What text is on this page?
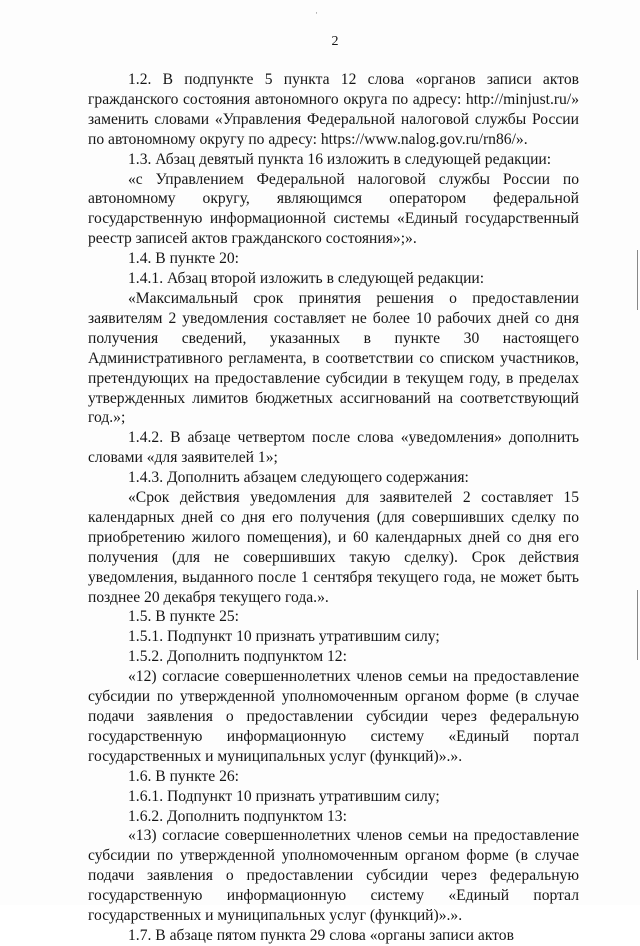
·
2

1.2. В подпункте 5 пункта 12 слова «органов записи актов гражданского состояния автономного округа по адресу: http://minjust.ru/» заменить словами «Управления Федеральной налоговой службы России по автономному округу по адресу: https://www.nalog.gov.ru/rn86/».

1.3. Абзац девятый пункта 16 изложить в следующей редакции:

«с Управлением Федеральной налоговой службы России по автономному округу, являющимся оператором федеральной государственную информационной системы «Единый государственный реестр записей актов гражданского состояния»;».

1.4. В пункте 20:

1.4.1. Абзац второй изложить в следующей редакции:

«Максимальный срок принятия решения о предоставлении заявителям 2 уведомления составляет не более 10 рабочих дней со дня получения сведений, указанных в пункте 30 настоящего Административного регламента, в соответствии со списком участников, претендующих на предоставление субсидии в текущем году, в пределах утвержденных лимитов бюджетных ассигнований на соответствующий год.»;

1.4.2. В абзаце четвертом после слова «уведомления» дополнить словами «для заявителей 1»;

1.4.3. Дополнить абзацем следующего содержания:

«Срок действия уведомления для заявителей 2 составляет 15 календарных дней со дня его получения (для совершивших сделку по приобретению жилого помещения), и 60 календарных дней со дня его получения (для не совершивших такую сделку). Срок действия уведомления, выданного после 1 сентября текущего года, не может быть позднее 20 декабря текущего года.».

1.5. В пункте 25:

1.5.1. Подпункт 10 признать утратившим силу;

1.5.2. Дополнить подпунктом 12:

«12) согласие совершеннолетних членов семьи на предоставление субсидии по утвержденной уполномоченным органом форме (в случае подачи заявления о предоставлении субсидии через федеральную государственную информационную систему «Единый портал государственных и муниципальных услуг (функций)».».

1.6. В пункте 26:

1.6.1. Подпункт 10 признать утратившим силу;

1.6.2. Дополнить подпунктом 13:

«13) согласие совершеннолетних членов семьи на предоставление субсидии по утвержденной уполномоченным органом форме (в случае подачи заявления о предоставлении субсидии через федеральную государственную информационную систему «Единый портал государственных и муниципальных услуг (функций)».».

1.7. В абзаце пятом пункта 29 слова «органы записи актов
